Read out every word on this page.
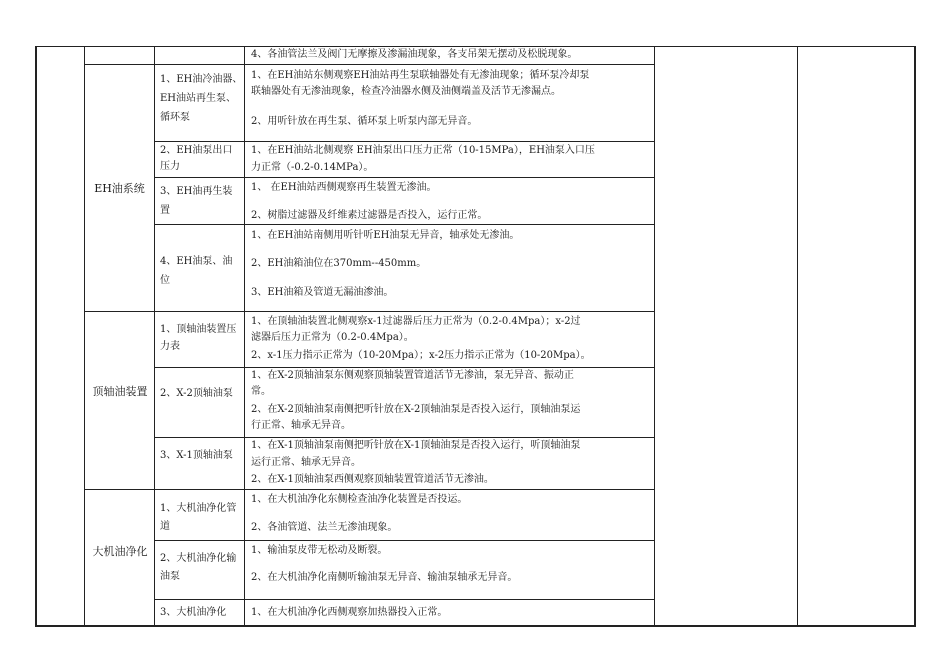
4、各油管法兰及阀门无摩擦及渗漏油现象，各支吊架无摆动及松脱现象。
EH油系统
1、EH油冷油器、EH油站再生泵、循环泵
1、在EH油站东侧观察EH油站再生泵联轴器处有无渗油现象；循环泵冷却泵
联轴器处有无渗油现象，检查冷油器水侧及油侧端盖及活节无渗漏点。
2、用听针放在再生泵、循环泵上听泵内部无异音。
2、EH油泵出口压力
1、在EH油站北侧观察 EH油泵出口压力正常（10-15MPa），EH油泵入口压
力正常（-0.2-0.14MPa）。
3、EH油再生装置
1、 在EH油站西侧观察再生装置无渗油。
2、树脂过滤器及纤维素过滤器是否投入，运行正常。
4、EH油泵、油位
1、在EH油站南侧用听针听EH油泵无异音，轴承处无渗油。
2、EH油箱油位在370mm--450mm。
3、EH油箱及管道无漏油渗油。
顶轴油装置
1、顶轴油装置压力表
1、在顶轴油装置北侧观察x-1过滤器后压力正常为（0.2-0.4Mpa）；x-2过
滤器后压力正常为（0.2-0.4Mpa）。
2、x-1压力指示正常为（10-20Mpa）；x-2压力指示正常为（10-20Mpa）。
2、X-2顶轴油泵
1、在X-2顶轴油泵东侧观察顶轴装置管道活节无渗油，泵无异音、振动正
常。
2、在X-2顶轴油泵南侧把听针放在X-2顶轴油泵是否投入运行，顶轴油泵运
行正常、轴承无异音。
3、X-1顶轴油泵
1、在X-1顶轴油泵南侧把听针放在X-1顶轴油泵是否投入运行，听顶轴油泵
运行正常、轴承无异音。
2、在X-1顶轴油泵西侧观察顶轴装置管道活节无渗油。
大机油净化
1、大机油净化管道
1、在大机油净化东侧检查油净化装置是否投运。
2、各油管道、法兰无渗油现象。
2、大机油净化输油泵
1、输油泵皮带无松动及断裂。
2、在大机油净化南侧听输油泵无异音、输油泵轴承无异音。
3、大机油净化 1、在大机油净化西侧观察加热器投入正常。
